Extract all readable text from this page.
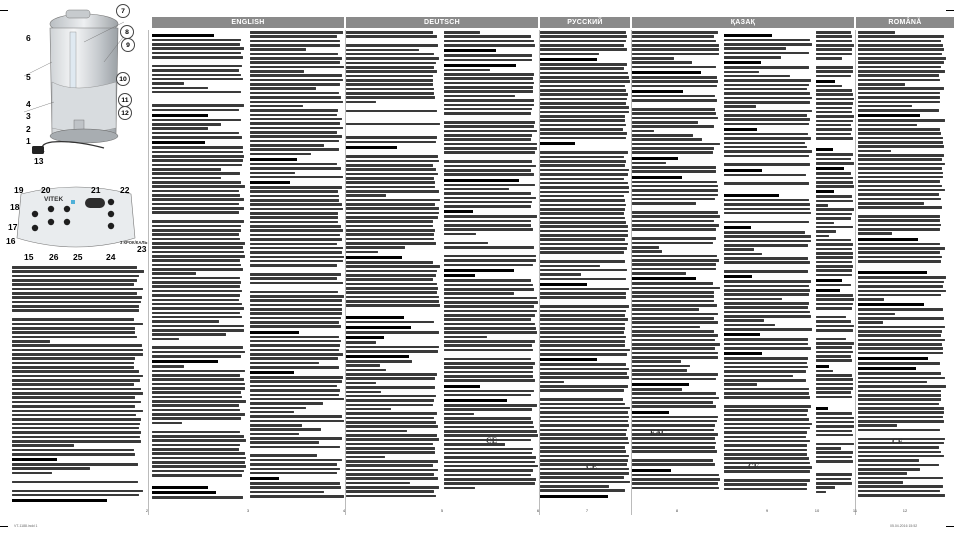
ENGLISH	DEUTSCH	РУССКИЙ	ҚАЗАҚ	ROMÂNĂ
7
8
9
10
11
12
6
5
4
3
2
1
13
VITEK
3 КРОК/КАЛЬ
19 20	21 22
18
17
16
23
15 26 25	24
2	3	4	5	6	7	8	9	10	11	12
CE
CE
EAC
CE
CE
VT-1188.indd 1	05.04.2016 15:52
